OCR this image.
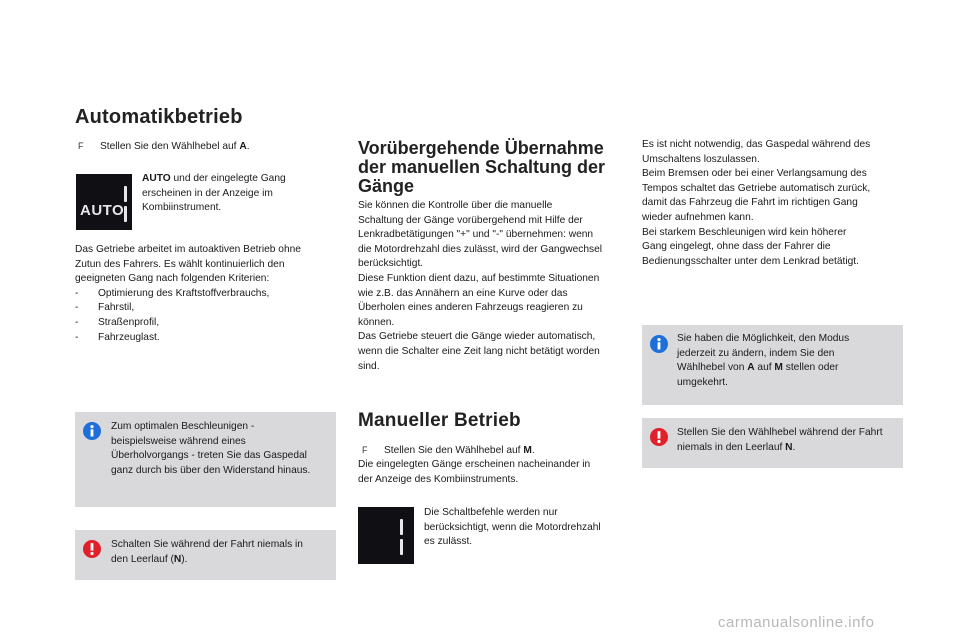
Automatikbetrieb
F Stellen Sie den Wählhebel auf A.
AUTO
AUTO und der eingelegte Gang
erscheinen in der Anzeige im
Kombiinstrument.
Das Getriebe arbeitet im autoaktiven Betrieb ohne
Zutun des Fahrers. Es wählt kontinuierlich den
geeigneten Gang nach folgenden Kriterien:
- Optimierung des Kraftstoffverbrauchs,
- Fahrstil,
- Straßenprofil,
- Fahrzeuglast.
Zum optimalen Beschleunigen -
beispielsweise während eines
Überholvorgangs - treten Sie das Gaspedal
ganz durch bis über den Widerstand hinaus.
Schalten Sie während der Fahrt niemals in
den Leerlauf (N).
Vorübergehende Übernahme
der manuellen Schaltung der
Gänge
Sie können die Kontrolle über die manuelle
Schaltung der Gänge vorübergehend mit Hilfe der
Lenkradbetätigungen "+" und "-" übernehmen: wenn
die Motordrehzahl dies zulässt, wird der Gangwechsel
berücksichtigt.
Diese Funktion dient dazu, auf bestimmte Situationen
wie z.B. das Annähern an eine Kurve oder das
Überholen eines anderen Fahrzeugs reagieren zu
können.
Das Getriebe steuert die Gänge wieder automatisch,
wenn die Schalter eine Zeit lang nicht betätigt worden
sind.
Manueller Betrieb
F Stellen Sie den Wählhebel auf M.
Die eingelegten Gänge erscheinen nacheinander in
der Anzeige des Kombiinstruments.
Die Schaltbefehle werden nur
berücksichtigt, wenn die Motordrehzahl
es zulässt.
Es ist nicht notwendig, das Gaspedal während des
Umschaltens loszulassen.
Beim Bremsen oder bei einer Verlangsamung des
Tempos schaltet das Getriebe automatisch zurück,
damit das Fahrzeug die Fahrt im richtigen Gang
wieder aufnehmen kann.
Bei starkem Beschleunigen wird kein höherer
Gang eingelegt, ohne dass der Fahrer die
Bedienungsschalter unter dem Lenkrad betätigt.
Sie haben die Möglichkeit, den Modus
jederzeit zu ändern, indem Sie den
Wählhebel von A auf M stellen oder
umgekehrt.
Stellen Sie den Wählhebel während der Fahrt
niemals in den Leerlauf N.
carmanualsonline.info
